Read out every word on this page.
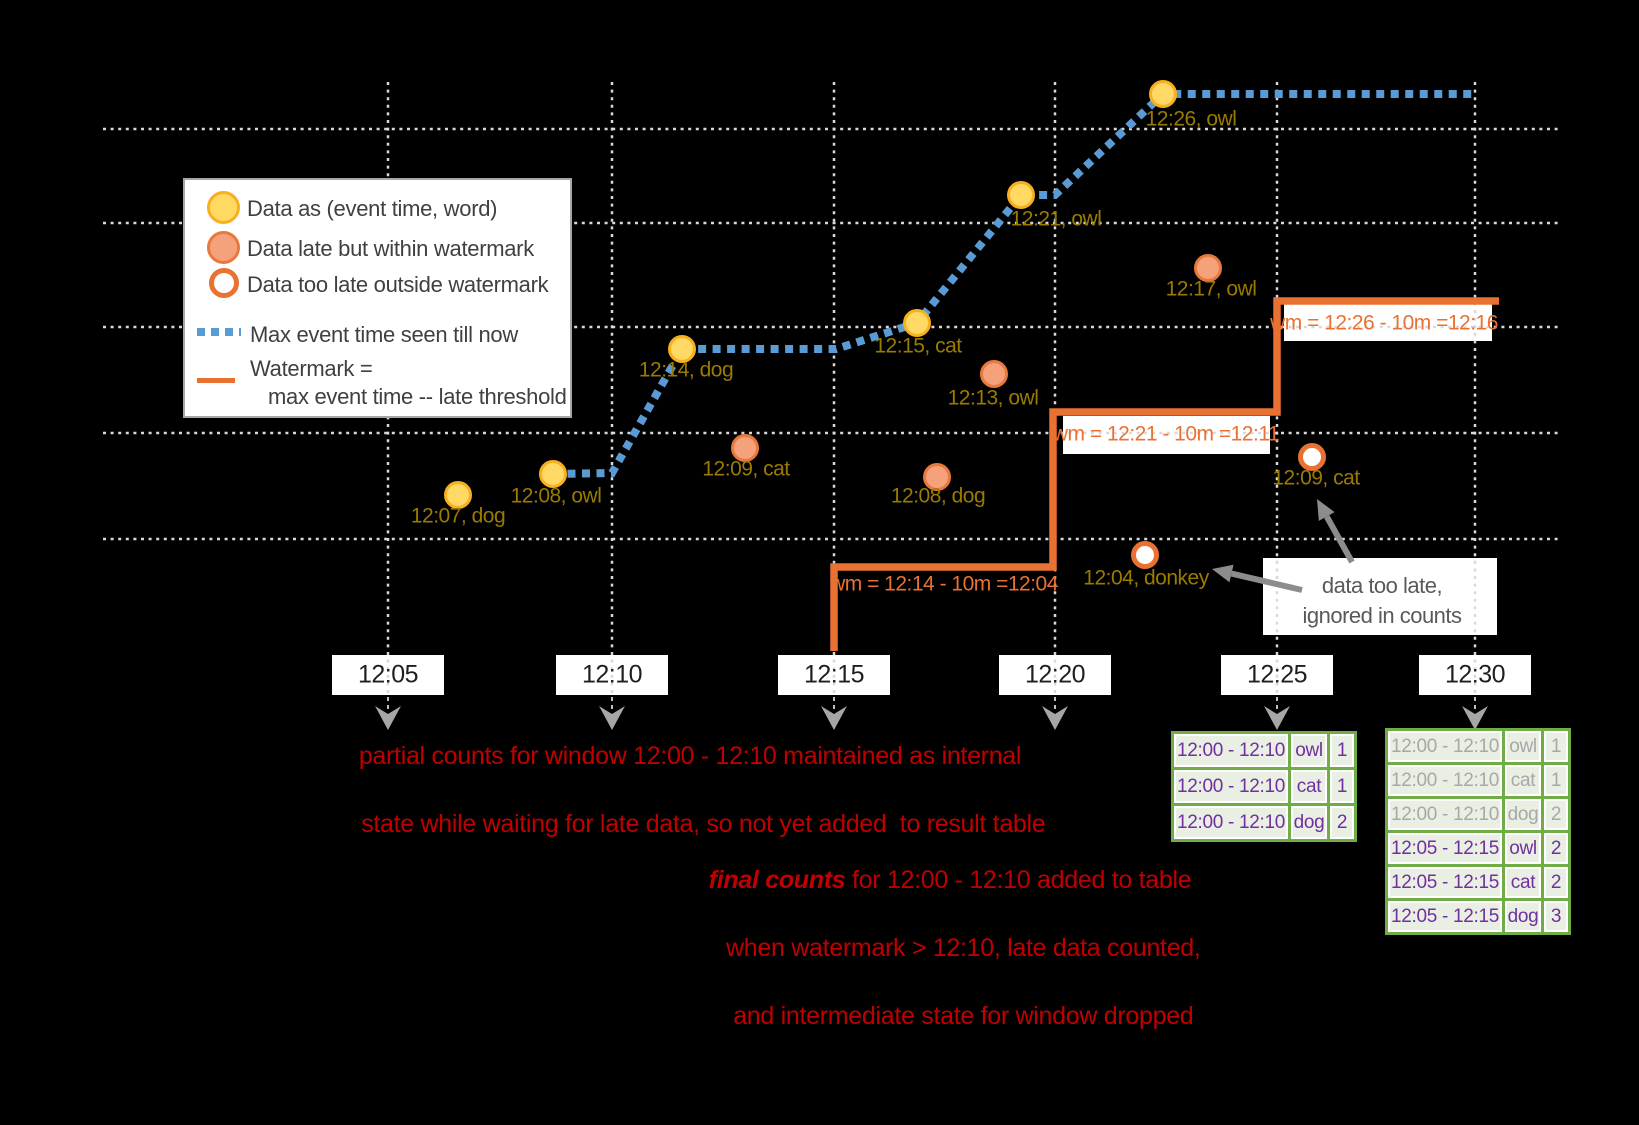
12:07, dog
12:08, owl
12:14, dog
12:15, cat
12:21, owl
12:26, owl
12:09, cat
12:08, dog
12:13, owl
12:17, owl
12:04, donkey
12:09, cat
12:05	12:10	12:15	12:20	12:25	12:30
wm = 12:14 - 10m =12:04
wm = 12:21 - 10m =12:11
wm = 12:26 - 10m =12:16
data too late,
ignored in counts
Data as (event time, word)
Data late but within watermark
Data too late outside watermark
Max event time seen till now
Watermark =
max event time -- late threshold
partial counts for window 12:00 - 12:10 maintained as internal

state while waiting for late data, so not yet added  to result table
final counts for 12:00 - 12:10 added to table

when watermark > 12:10, late data counted,

and intermediate state for window dropped
12:00 - 12:10 owl 1
12:00 - 12:10 cat 1
12:00 - 12:10 dog 2
12:00 - 12:10 owl 1
12:00 - 12:10 cat 1
12:00 - 12:10 dog 2
12:05 - 12:15 owl 2
12:05 - 12:15 cat 2
12:05 - 12:15 dog 3
